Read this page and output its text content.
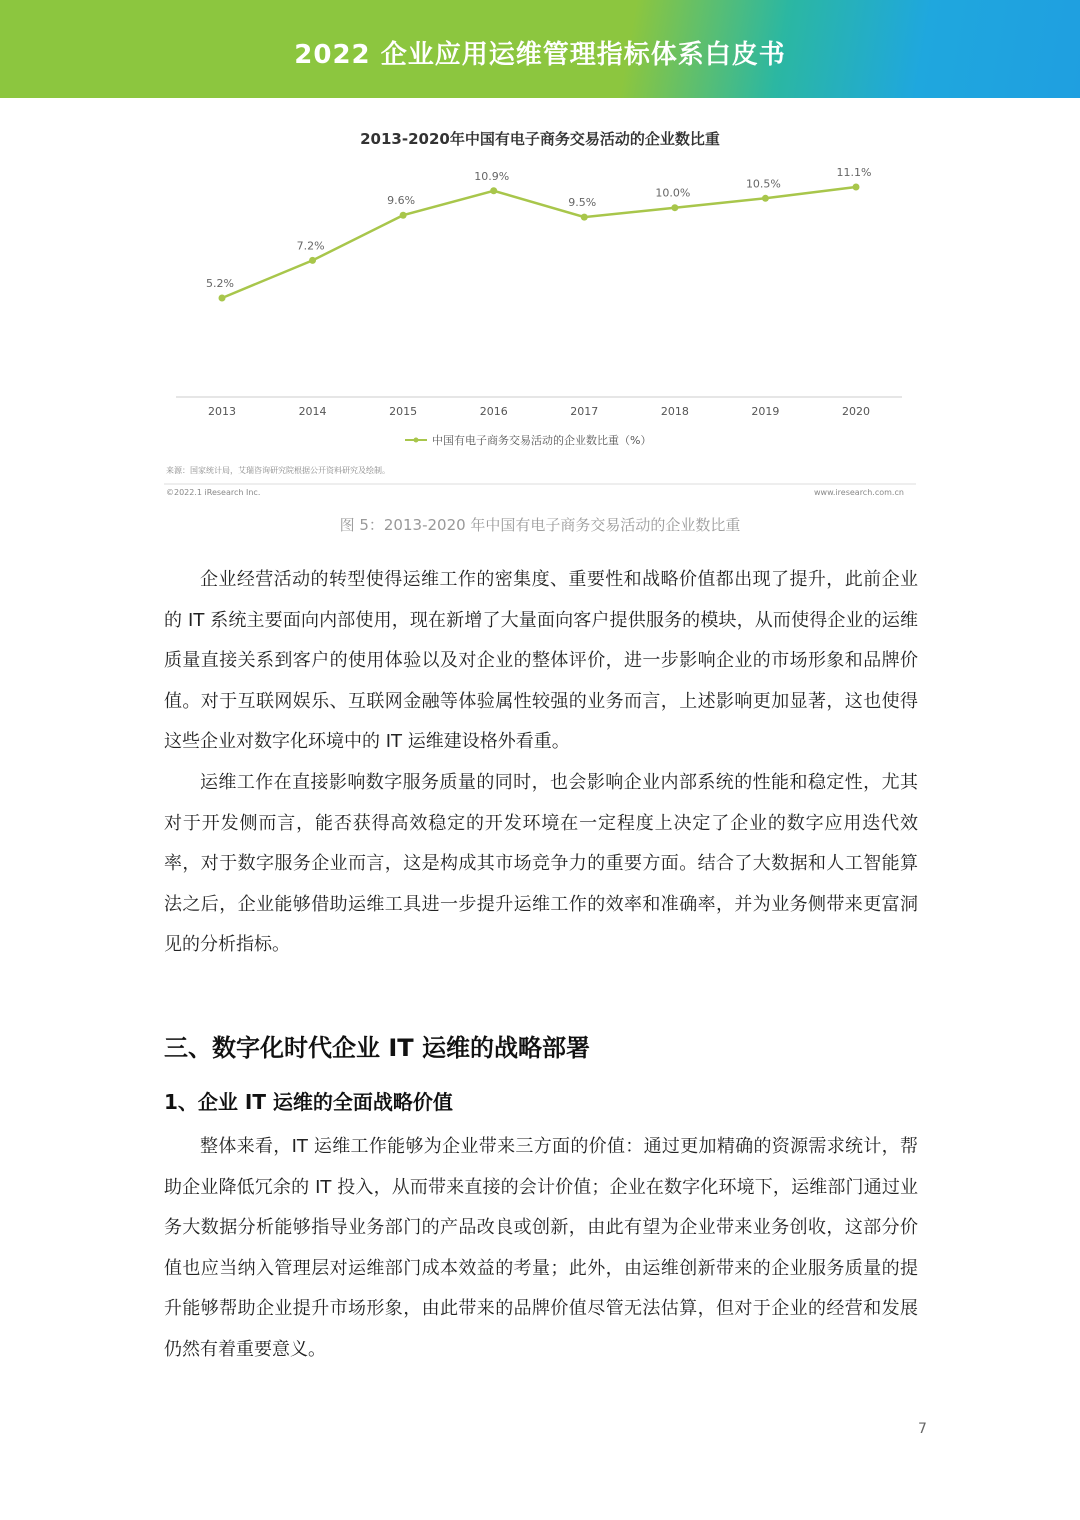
2022 企业应用运维管理指标体系白皮书
2013-2020年中国有电子商务交易活动的企业数比重
5.2%
2013
7.2%
2014
9.6%
2015
10.9%
2016
9.5%
2017
10.0%
2018
10.5%
2019
11.1%
2020
中国有电子商务交易活动的企业数比重（%）
来源：国家统计局，艾瑞咨询研究院根据公开资料研究及绘制。
©2022.1 iResearch Inc.	www.iresearch.com.cn
图 5：2013-2020 年中国有电子商务交易活动的企业数比重

企业经营活动的转型使得运维工作的密集度、重要性和战略价值都出现了提升，此前企业的 IT 系统主要面向内部使用，现在新增了大量面向客户提供服务的模块，从而使得企业的运维质量直接关系到客户的使用体验以及对企业的整体评价，进一步影响企业的市场形象和品牌价值。对于互联网娱乐、互联网金融等体验属性较强的业务而言，上述影响更加显著，这也使得这些企业对数字化环境中的 IT 运维建设格外看重。

运维工作在直接影响数字服务质量的同时，也会影响企业内部系统的性能和稳定性，尤其对于开发侧而言，能否获得高效稳定的开发环境在一定程度上决定了企业的数字应用迭代效率，对于数字服务企业而言，这是构成其市场竞争力的重要方面。结合了大数据和人工智能算法之后，企业能够借助运维工具进一步提升运维工作的效率和准确率，并为业务侧带来更富洞见的分析指标。

三、数字化时代企业 IT 运维的战略部署
1、企业 IT 运维的全面战略价值

整体来看，IT 运维工作能够为企业带来三方面的价值：通过更加精确的资源需求统计，帮助企业降低冗余的 IT 投入，从而带来直接的会计价值；企业在数字化环境下，运维部门通过业务大数据分析能够指导业务部门的产品改良或创新，由此有望为企业带来业务创收，这部分价值也应当纳入管理层对运维部门成本效益的考量；此外，由运维创新带来的企业服务质量的提升能够帮助企业提升市场形象，由此带来的品牌价值尽管无法估算，但对于企业的经营和发展仍然有着重要意义。

7
